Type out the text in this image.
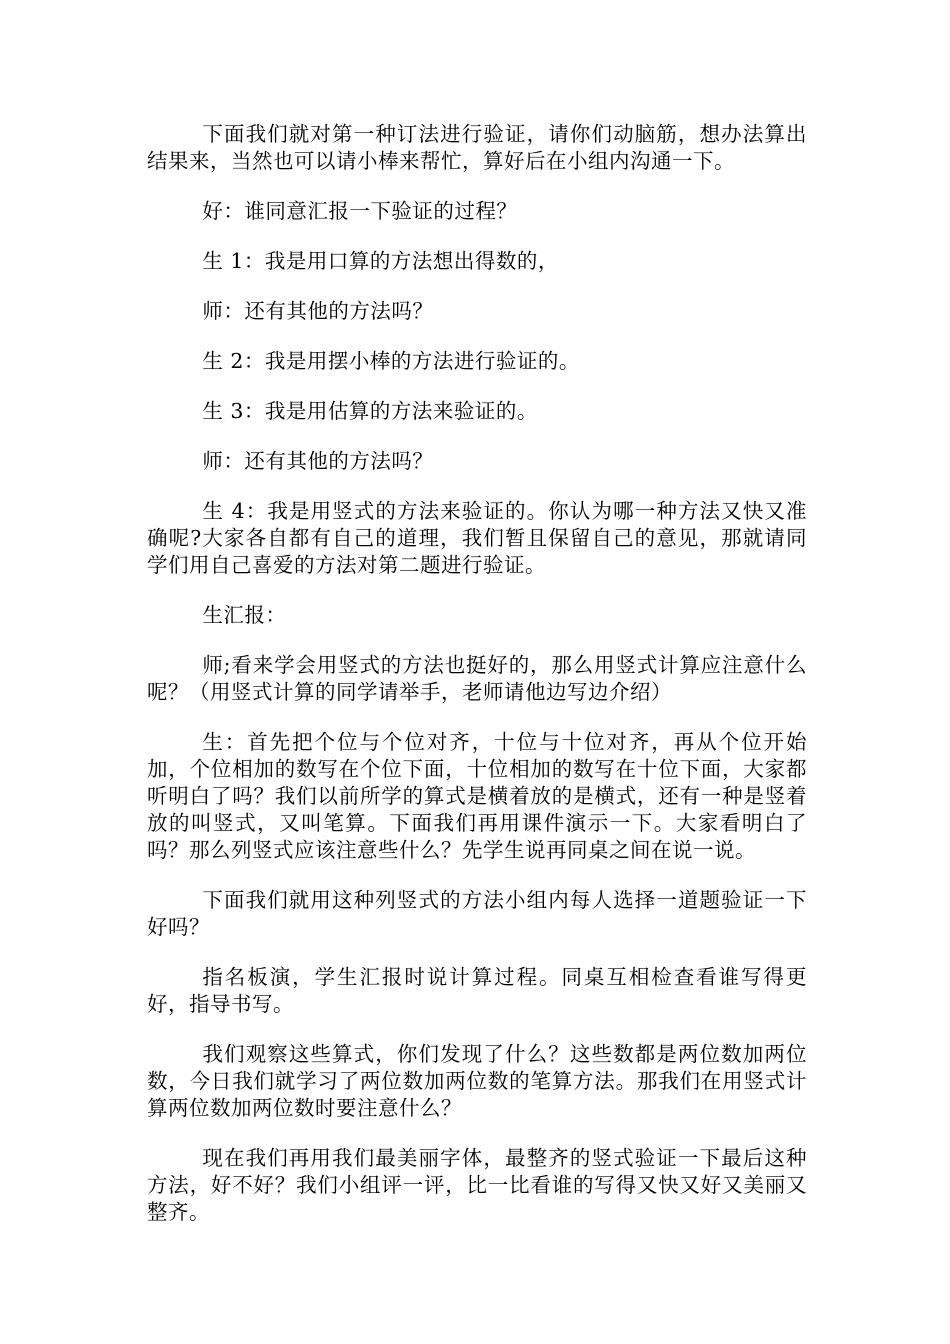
下面我们就对第一种订法进行验证，请你们动脑筋，想办法算出结果来，当然也可以请小棒来帮忙，算好后在小组内沟通一下。

好：谁同意汇报一下验证的过程？

生 1：我是用口算的方法想出得数的，

师：还有其他的方法吗？

生 2：我是用摆小棒的方法进行验证的。

生 3：我是用估算的方法来验证的。

师：还有其他的方法吗？

生 4：我是用竖式的方法来验证的。你认为哪一种方法又快又准确呢?大家各自都有自己的道理，我们暂且保留自己的意见，那就请同学们用自己喜爱的方法对第二题进行验证。

生汇报：

师;看来学会用竖式的方法也挺好的，那么用竖式计算应注意什么呢？（用竖式计算的同学请举手，老师请他边写边介绍）

生：首先把个位与个位对齐，十位与十位对齐，再从个位开始加，个位相加的数写在个位下面，十位相加的数写在十位下面，大家都听明白了吗？我们以前所学的算式是横着放的是横式，还有一种是竖着放的叫竖式，又叫笔算。下面我们再用课件演示一下。大家看明白了吗？那么列竖式应该注意些什么？先学生说再同桌之间在说一说。

下面我们就用这种列竖式的方法小组内每人选择一道题验证一下好吗？

指名板演，学生汇报时说计算过程。同桌互相检查看谁写得更好，指导书写。

我们观察这些算式，你们发现了什么？这些数都是两位数加两位数，今日我们就学习了两位数加两位数的笔算方法。那我们在用竖式计算两位数加两位数时要注意什么？

现在我们再用我们最美丽字体，最整齐的竖式验证一下最后这种方法，好不好？我们小组评一评，比一比看谁的写得又快又好又美丽又整齐。
